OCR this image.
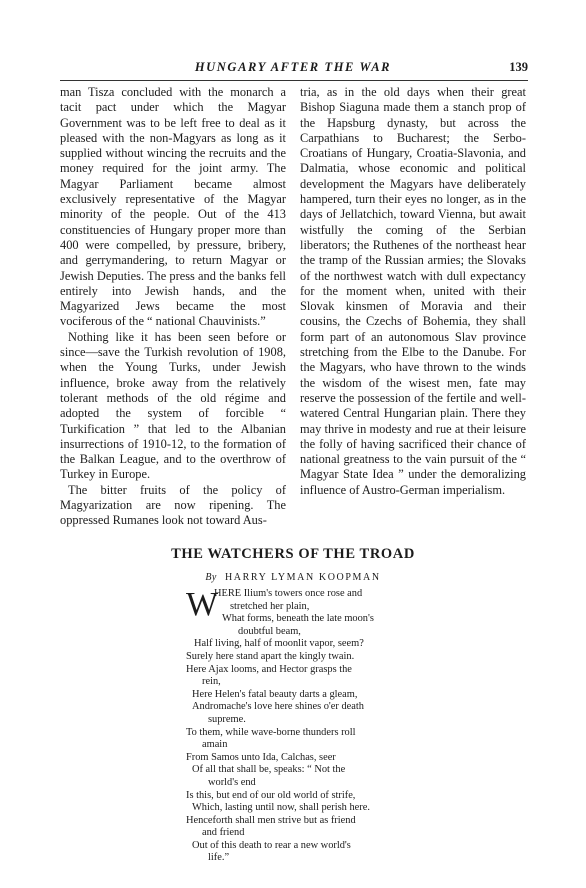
HUNGARY AFTER THE WAR	139

man Tisza concluded with the monarch a tacit pact under which the Magyar Government was to be left free to deal as it pleased with the non-Magyars as long as it supplied without wincing the recruits and the money required for the joint army. The Magyar Parliament became almost exclusively representative of the Magyar minority of the people. Out of the 413 constituencies of Hungary proper more than 400 were compelled, by pressure, bribery, and gerrymandering, to return Magyar or Jewish Deputies. The press and the banks fell entirely into Jewish hands, and the Magyarized Jews became the most vociferous of the “ national Chauvinists.”

Nothing like it has been seen before or since—save the Turkish revolution of 1908, when the Young Turks, under Jewish influence, broke away from the relatively tolerant methods of the old régime and adopted the system of forcible “ Turkification ” that led to the Albanian insurrections of 1910-12, to the formation of the Balkan League, and to the overthrow of Turkey in Europe.

The bitter fruits of the policy of Magyarization are now ripening. The oppressed Rumanes look not toward Aus-

tria, as in the old days when their great Bishop Siaguna made them a stanch prop of the Hapsburg dynasty, but across the Carpathians to Bucharest; the Serbo-Croatians of Hungary, Croatia-Slavonia, and Dalmatia, whose economic and political development the Magyars have deliberately hampered, turn their eyes no longer, as in the days of Jellatchich, toward Vienna, but await wistfully the coming of the Serbian liberators; the Ruthenes of the northeast hear the tramp of the Russian armies; the Slovaks of the northwest watch with dull expectancy for the moment when, united with their Slovak kinsmen of Moravia and their cousins, the Czechs of Bohemia, they shall form part of an autonomous Slav province stretching from the Elbe to the Danube. For the Magyars, who have thrown to the winds the wisdom of the wisest men, fate may reserve the possession of the fertile and well-watered Central Hungarian plain. There they may thrive in modesty and rue at their leisure the folly of having sacrificed their chance of national greatness to the vain pursuit of the “ Magyar State Idea ” under the demoralizing influence of Austro-German imperialism.

THE WATCHERS OF THE TROAD
By HARRY LYMAN KOOPMAN
W
HERE Ilium's towers once rose and
stretched her plain,
What forms, beneath the late moon's
doubtful beam,
Half living, half of moonlit vapor, seem?
Surely here stand apart the kingly twain.
Here Ajax looms, and Hector grasps the
rein,
Here Helen's fatal beauty darts a gleam,
Andromache's love here shines o'er death
supreme.
To them, while wave-borne thunders roll
amain
From Samos unto Ida, Calchas, seer
Of all that shall be, speaks: “ Not the
world's end
Is this, but end of our old world of strife,
Which, lasting until now, shall perish here.
Henceforth shall men strive but as friend
and friend
Out of this death to rear a new world's
life.”
